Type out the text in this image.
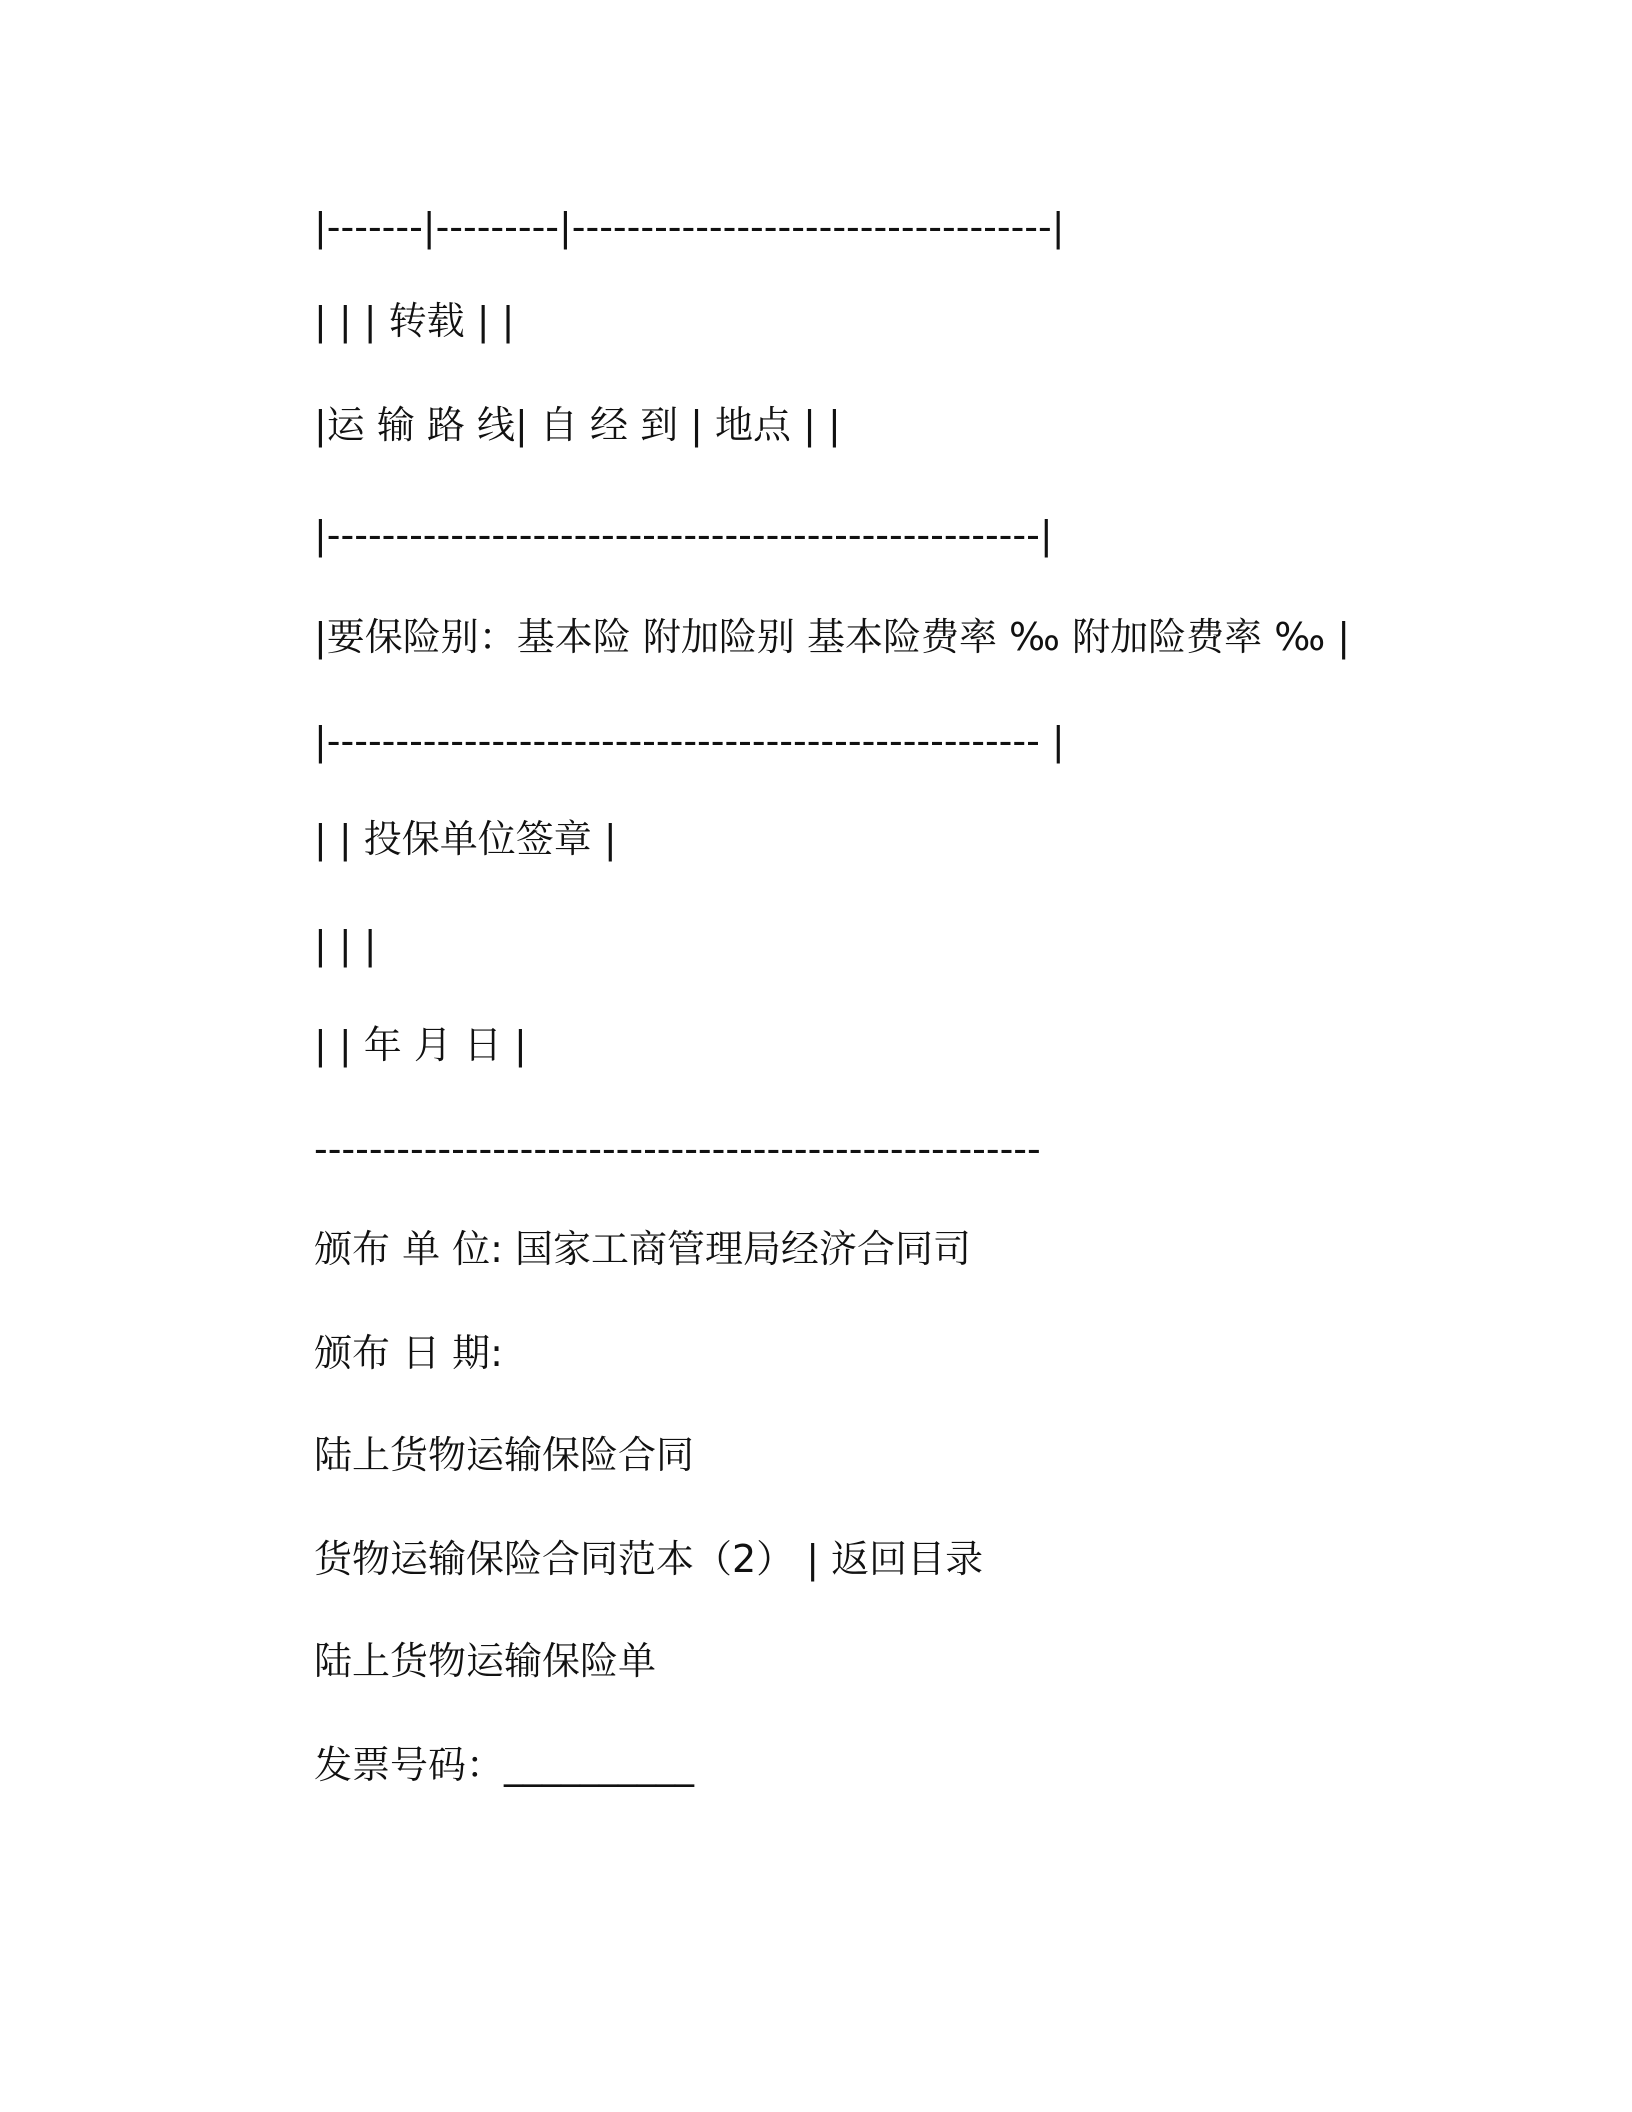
|-------|---------|-----------------------------------|
| | | 转载 | |
|运 输 路 线| 自 经 到 | 地点 | |
|----------------------------------------------------|
|要保险别：基本险 附加险别 基本险费率 ‰ 附加险费率 ‰ |
|---------------------------------------------------- |
| | 投保单位签章 |
| | |
| | 年 月 日 |
-----------------------------------------------------
颁布 单 位: 国家工商管理局经济合同司
颁布 日 期:
陆上货物运输保险合同
货物运输保险合同范本（2） | 返回目录
陆上货物运输保险单
发票号码：__________
